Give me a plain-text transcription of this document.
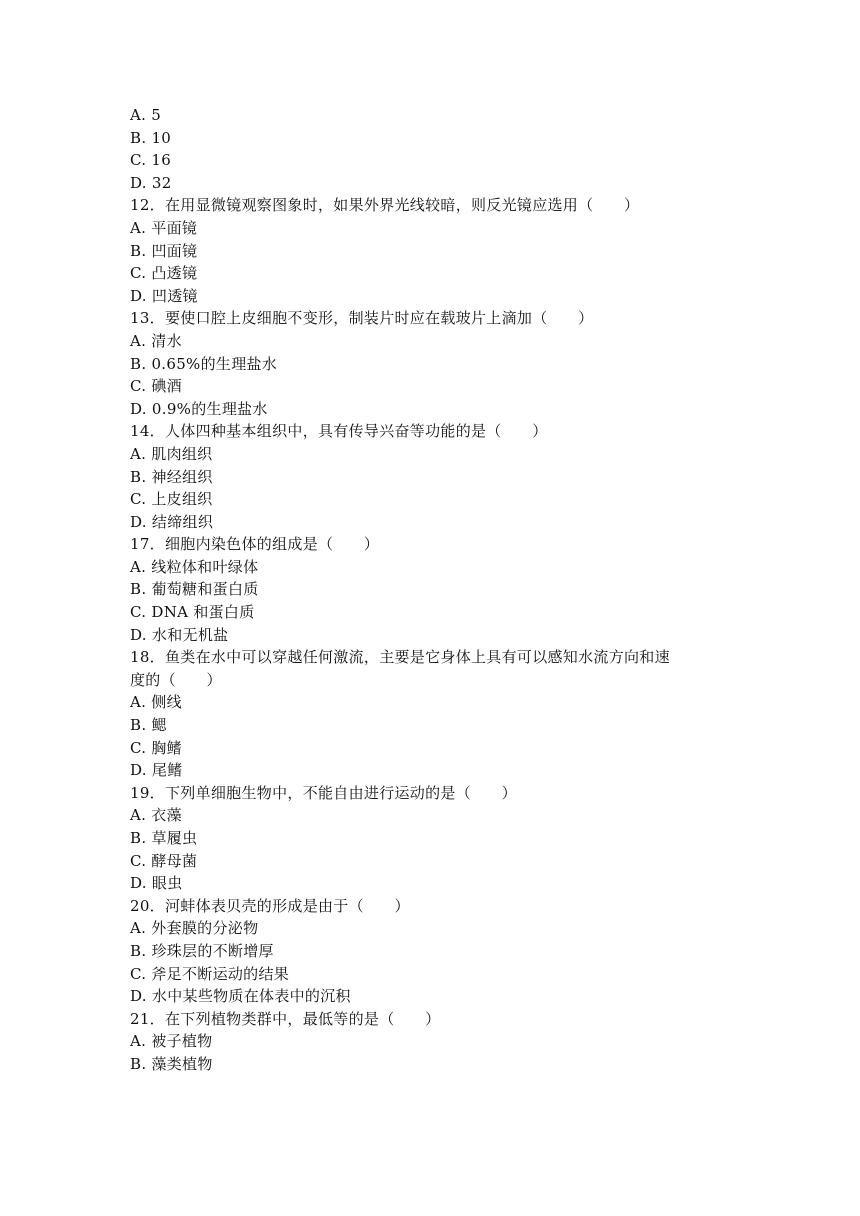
A. 5
B. 10
C. 16
D. 32
12．在用显微镜观察图象时，如果外界光线较暗，则反光镜应选用（　　）
A. 平面镜
B. 凹面镜
C. 凸透镜
D. 凹透镜
13．要使口腔上皮细胞不变形，制装片时应在载玻片上滴加（　　）
A. 清水
B. 0.65%的生理盐水
C. 碘酒
D. 0.9%的生理盐水
14．人体四种基本组织中，具有传导兴奋等功能的是（　　）
A. 肌肉组织
B. 神经组织
C. 上皮组织
D. 结缔组织
17．细胞内染色体的组成是（　　）
A. 线粒体和叶绿体
B. 葡萄糖和蛋白质
C. DNA 和蛋白质
D. 水和无机盐
18．鱼类在水中可以穿越任何激流，主要是它身体上具有可以感知水流方向和速
度的（　　）
A. 侧线
B. 鳃
C. 胸鳍
D. 尾鳍
19．下列单细胞生物中，不能自由进行运动的是（　　）
A. 衣藻
B. 草履虫
C. 酵母菌
D. 眼虫
20．河蚌体表贝壳的形成是由于（　　）
A. 外套膜的分泌物
B. 珍珠层的不断增厚
C. 斧足不断运动的结果
D. 水中某些物质在体表中的沉积
21．在下列植物类群中，最低等的是（　　）
A. 被子植物
B. 藻类植物
